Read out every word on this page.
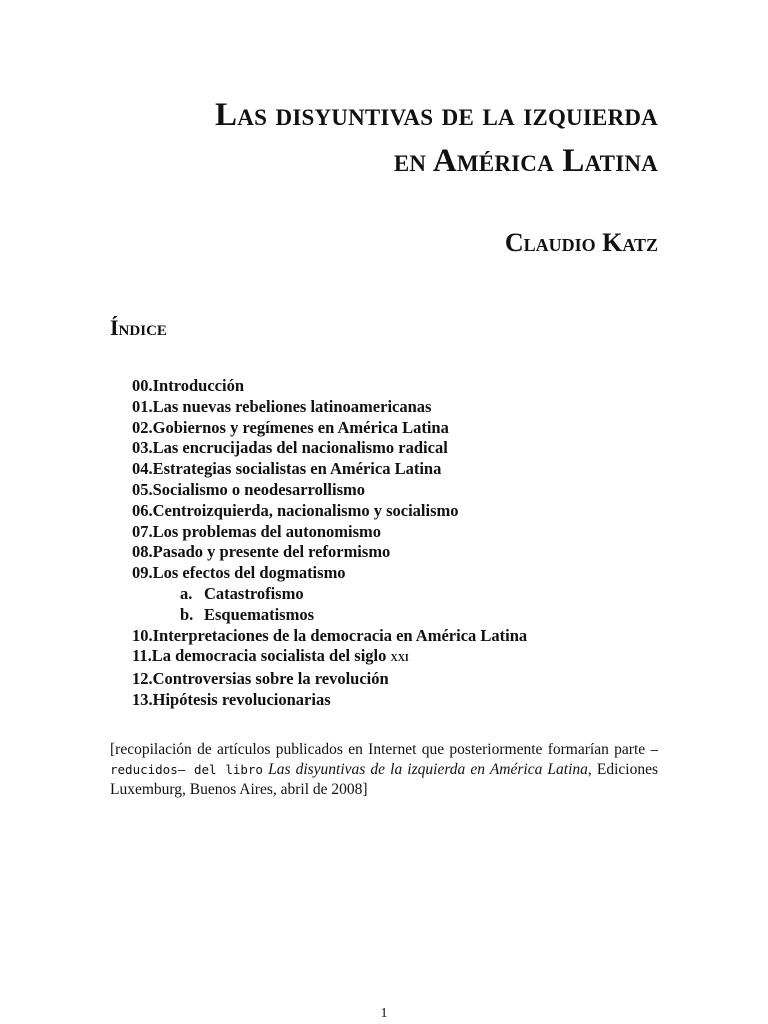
Las disyuntivas de la izquierda
en América Latina
Claudio Katz
Índice
00.Introducción
01.Las nuevas rebeliones latinoamericanas
02.Gobiernos y regímenes en América Latina
03.Las encrucijadas del nacionalismo radical
04.Estrategias socialistas en América Latina
05.Socialismo o neodesarrollismo
06.Centroizquierda, nacionalismo y socialismo
07.Los problemas del autonomismo
08.Pasado y presente del reformismo
09.Los efectos del dogmatismo
a. Catastrofismo
b. Esquematismos
10.Interpretaciones de la democracia en América Latina
11.La democracia socialista del siglo xxi
12.Controversias sobre la revolución
13.Hipótesis revolucionarias
[recopilación de artículos publicados en Internet que posteriormente formarían parte —reducidos— del libro Las disyuntivas de la izquierda en América Latina, Ediciones Luxemburg, Buenos Aires, abril de 2008]
1
